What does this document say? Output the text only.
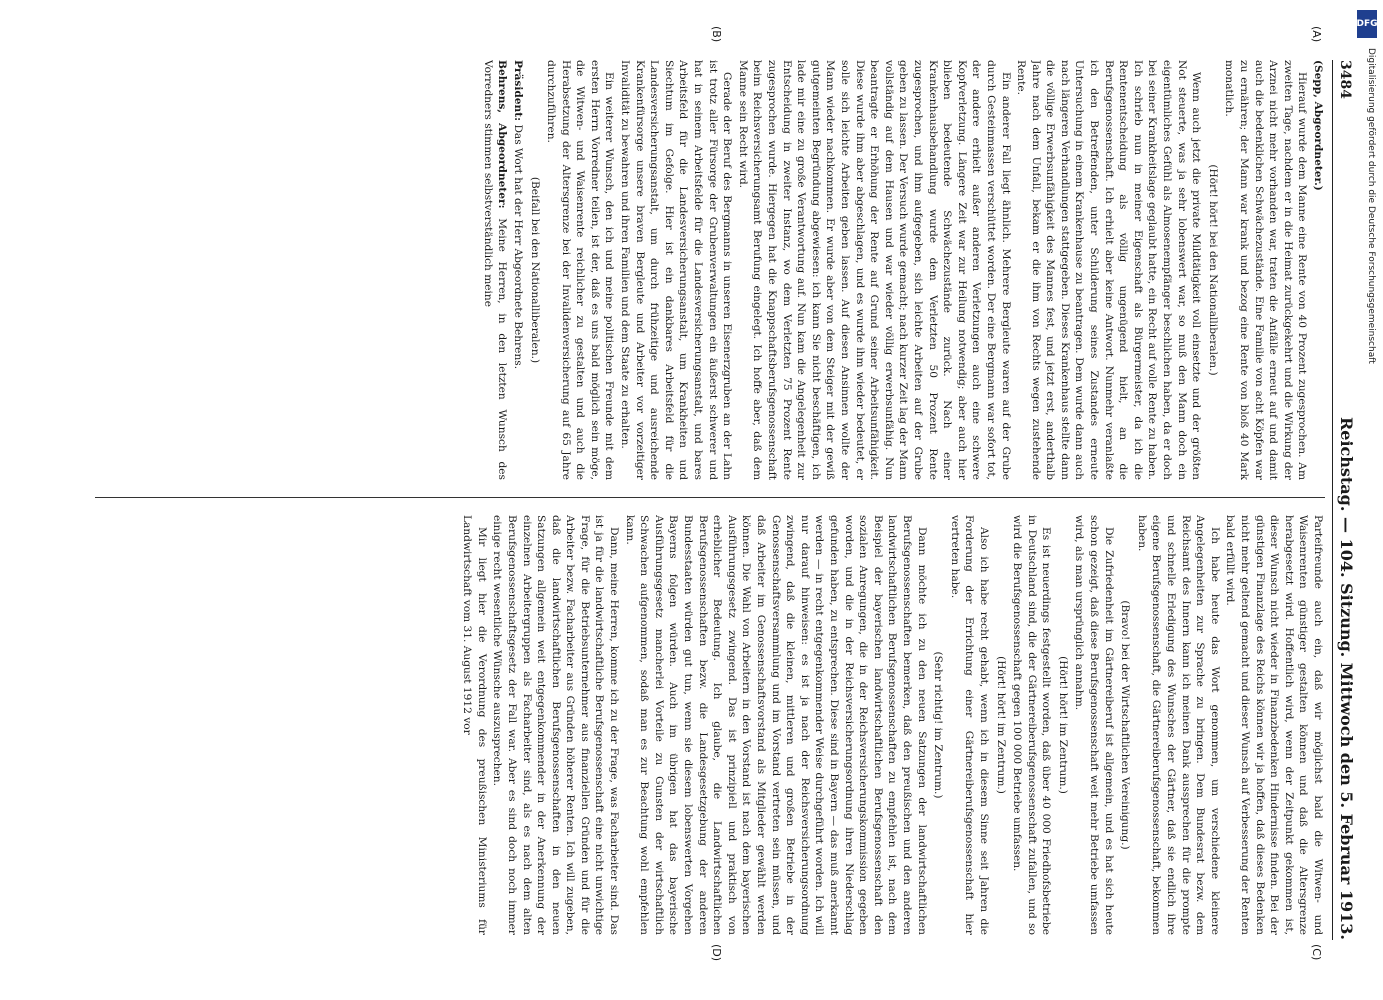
3484
Reichstag. — 104. Sitzung. Mittwoch den 5. Februar 1913.
(A)
(B)
(C)
(D)

(Sepp, Abgeordneter.)

Hierauf wurde dem Manne eine Rente von 40 Prozent zugesprochen. Am zweiten Tage, nachdem er in die Heimat zurückgekehrt und die Wirkung der Arznei nicht mehr vorhanden war, traten die Anfälle erneut auf und damit auch die bedenklichen Schwächezustände. Eine Familie von acht Köpfen war zu ernähren; der Mann war krank und bezog eine Rente von bloß 40 Mark monatlich.

(Hört! hört! bei den Nationalliberalen.)

Wenn auch jetzt die private Mildtätigkeit voll einsetzte und der größten Not steuerte, was ja sehr lobenswert war, so muß den Mann doch ein eigentümliches Gefühl als Almosenempfänger beschlichen haben, da er doch bei seiner Krankheitslage geglaubt hatte, ein Recht auf volle Rente zu haben. Ich schrieb nun in meiner Eigenschaft als Bürgermeister, da ich die Rentenentscheidung als völlig ungenügend hielt, an die Berufsgenossenschaft. Ich erhielt aber keine Antwort. Nunmehr veranlaßte ich den Betreffenden, unter Schilderung seines Zustandes erneute Untersuchung in einem Krankenhause zu beantragen. Dem wurde dann auch nach längeren Verhandlungen stattgegeben. Dieses Krankenhaus stellte dann die völlige Erwerbsunfähigkeit des Mannes fest, und jetzt erst, anderthalb Jahre nach dem Unfall, bekam er die ihm von Rechts wegen zustehende Rente.

Ein anderer Fall liegt ähnlich. Mehrere Bergleute waren auf der Grube durch Gesteinmassen verschüttet worden. Der eine Bergmann war sofort tot, der andere erhielt außer anderen Verletzungen auch eine schwere Kopfverletzung. Längere Zeit war zur Heilung notwendig; aber auch hier blieben bedeutende Schwächezustände zurück. Nach einer Krankenhausbehandlung wurde dem Verletzten 50 Prozent Rente zugesprochen, und ihm aufgegeben, sich leichte Arbeiten auf der Grube geben zu lassen. Der Versuch wurde gemacht; nach kurzer Zeit lag der Mann vollständig auf dem Hausen und war wieder völlig erwerbsunfähig. Nun beantragte er Erhöhung der Rente auf Grund seiner Arbeitsunfähigkeit. Diese wurde ihm aber abgeschlagen, und es wurde ihm wieder bedeutet, er solle sich leichte Arbeiten geben lassen. Auf diesen Ansinnen wollte der Mann wieder nachkommen. Er wurde aber von dem Steiger mit der gewiß gutgemeinten Begründung abgewiesen: ich kann Sie nicht beschäftigen, ich lade mir eine zu große Verantwortung auf. Nun kam die Angelegenheit zur Entscheidung in zweiter Instanz, wo dem Verletzten 75 Prozent Rente zugesprochen wurde. Hiergegen hat die Knappschaftsberufsgenossenschaft beim Reichsversicherungsamt Berufung eingelegt. Ich hoffe aber, daß dem Manne sein Recht wird.

Gerade der Beruf des Bergmanns in unseren Eisenerzgruben an der Lahn ist trotz aller Fürsorge der Grubenverwaltungen ein äußerst schwerer und hat in seinem Arbeitsfelde für die Landesversicherungsanstalt, und bares Arbeitsfeld für die Landesversicherungsanstalt, um Krankheiten und Siechtum im Gefolge. Hier ist ein dankbares Arbeitsfeld für die Landesversicherungsanstalt, um durch frühzeitige und ausreichende Krankenfürsorge unsere braven Bergleute und Arbeiter vor vorzeitiger Invalidität zu bewahren und ihren Familien und dem Staate zu erhalten.

Ein weiterer Wunsch, den ich und meine politischen Freunde mit dem ersten Herrn Vorredner teilen, ist der, daß es uns bald möglich sein möge, die Witwen- und Waisenrente reichlicher zu gestalten und auch die Herabsetzung der Altersgrenze bei der Invalidenversicherung auf 65 Jahre durchzuführen.

(Beifall bei den Nationalliberalen.)

Präsident: Das Wort hat der Herr Abgeordnete Behrens.

Behrens, Abgeordneter: Meine Herren, in den letzten Wunsch des Vorredners stimmen selbstverständlich meine

Parteifreunde auch ein, daß wir möglichst bald die Witwen- und Waisenrenten günstiger gestalten können und daß die Altersgrenze herabgesetzt wird. Hoffentlich wird, wenn der Zeitpunkt gekommen ist, dieser Wunsch nicht wieder in Finanzbedenken Hindernisse finden. Bei der günstigen Finanzlage des Reichs können wir ja hoffen, daß dieses Bedenken nicht mehr geltend gemacht und dieser Wunsch auf Verbesserung der Renten bald erfüllt wird.

Ich habe heute das Wort genommen, um verschiedene kleinere Angelegenheiten zur Sprache zu bringen. Dem Bundesrat bezw. dem Reichsamt des Innern kann ich meinen Dank aussprechen für die prompte und schnelle Erledigung des Wunsches der Gärtner, daß sie endlich ihre eigene Berufsgenossenschaft, die Gärtnereiberufsgenossenschaft, bekommen haben.

(Bravo! bei der Wirtschaftlichen Vereinigung.)

Die Zufriedenheit im Gärtnereiberuf ist allgemein, und es hat sich heute schon gezeigt, daß diese Berufsgenossenschaft weit mehr Betriebe umfassen wird, als man ursprünglich annahm.

(Hört! hört! im Zentrum.)

Es ist neuerdings festgestellt worden, daß über 40 000 Friedhofsbetriebe in Deutschland sind, die der Gärtnereiberufsgenossenschaft zufallen, und so wird die Berufsgenossenschaft gegen 100 000 Betriebe umfassen.

(Hört! hört! im Zentrum.)

Also ich habe recht gehabt, wenn ich in diesem Sinne seit Jahren die Forderung der Errichtung einer Gärtnereiberufsgenossenschaft hier vertreten habe.

(Sehr richtig! im Zentrum.)

Dann möchte ich zu den neuen Satzungen der landwirtschaftlichen Berufsgenossenschaften bemerken, daß den preußischen und den anderen landwirtschaftlichen Berufsgenossenschaften zu empfehlen ist, nach dem Beispiel der bayerischen landwirtschaftlichen Berufsgenossenschaft den sozialen Anregungen, die in der Reichsversicherungskommission gegeben worden, und die in der Reichsversicherungsordnung ihren Niederschlag gefunden haben, zu entsprechen. Diese sind in Bayern — das muß anerkannt werden — in recht entgegenkommender Weise durchgeführt worden. Ich will nur darauf hinweisen: es ist ja nach der Reichsversicherungsordnung zwingend, daß die kleinen, mittleren und großen Betriebe in der Genossenschaftsversammlung und im Vorstand vertreten sein müssen, und daß Arbeiter im Genossenschaftsvorstand als Mitglieder gewählt werden können. Die Wahl von Arbeitern in den Vorstand ist nach dem bayerischen Ausführungsgesetz zwingend. Das ist prinzipiell und praktisch von erheblicher Bedeutung. Ich glaube, die Landwirtschaftlichen Berufsgenossenschaften bezw. die Landesgesetzgebung der anderen Bundesstaaten würden gut tun, wenn sie diesem lobenswerten Vorgehen Bayerns folgen würden. Auch im übrigen hat das bayerische Ausführungsgesetz mancherlei Vorteile zu Gunsten der wirtschaftlich Schwachen aufgenommen, sodaß man es zur Beachtung wohl empfehlen kann.

Dann, meine Herren, komme ich zu der Frage, was Facharbeiter sind. Das ist ja für die landwirtschaftliche Berufsgenossenschaft eine nicht unwichtige Frage, für die Betriebsunternehmer aus finanziellen Gründen und für die Arbeiter bezw. Facharbeiter aus Gründen höherer Renten. Ich will zugeben, daß die landwirtschaftlichen Berufsgenossenschaften in den neuen Satzungen allgemein weit entgegenkommender in der Anerkennung der einzelnen Arbeitergruppen als Facharbeiter sind, als es nach dem alten Berufsgenossenschaftsgesetz der Fall war. Aber es sind doch noch immer einige recht wesentliche Wünsche auszusprechen.

Mir liegt hier die Verordnung des preußischen Ministeriums für Landwirtschaft vom 31. August 1912 vor

DFG
Digitalisierung gefördert durch die Deutsche Forschungsgemeinschaft
